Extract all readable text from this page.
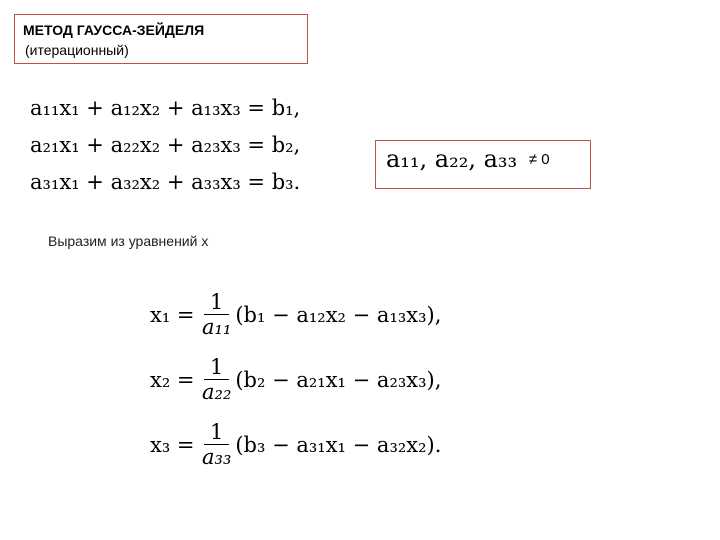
МЕТОД ГАУССА-ЗЕЙДЕЛЯ
(итерационный)
a₁₁x₁ + a₁₂x₂ + a₁₃x₃ = b₁,
a₂₁x₁ + a₂₂x₂ + a₂₃x₃ = b₂,
a₃₁x₁ + a₃₂x₂ + a₃₃x₃ = b₃.
a₁₁, a₂₂, a₃₃ ≠ 0
Выразим из уравнений x
$x_1 = \frac{1}{\text{a₁₁}} (b_1 - a_{12}x_2 - a_{13}x_3)$,
$x_2 = \frac{1}{\text{a₂₂}} (b_2 - a_{21}x_1 - a_{23}x_3)$,
$x_3 = \frac{1}{\text{a₃₃}} (b_3 - a_{31}x_1 - a_{32}x_2)$.
